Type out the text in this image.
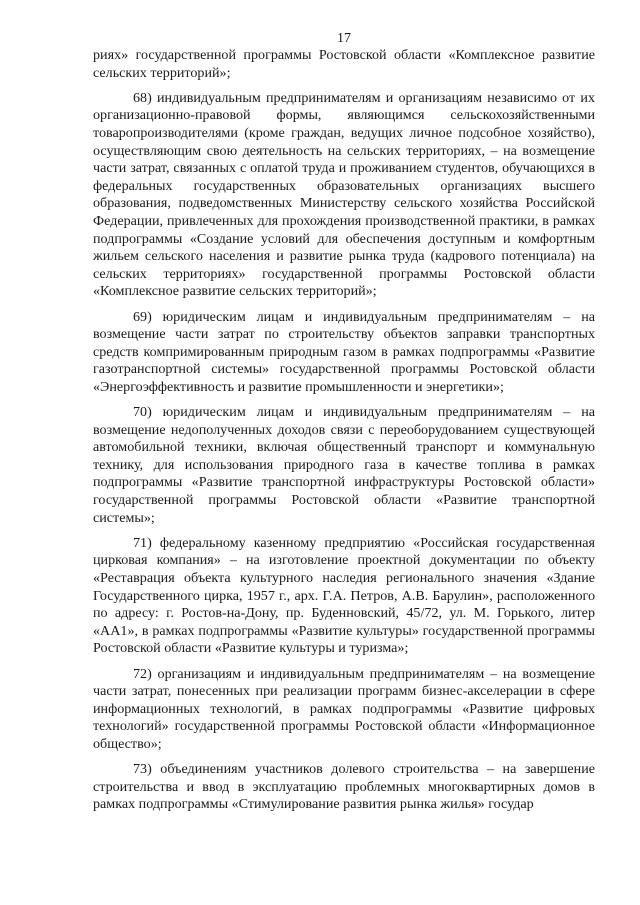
17

риях» государственной программы Ростовской области «Комплексное развитие сельских территорий»;

68) индивидуальным предпринимателям и организациям независимо от их организационно-правовой формы, являющимся сельскохозяйственными товаропроизводителями (кроме граждан, ведущих личное подсобное хозяйство), осуществляющим свою деятельность на сельских территориях, – на возмещение части затрат, связанных с оплатой труда и проживанием студентов, обучающихся в федеральных государственных образовательных организациях высшего образования, подведомственных Министерству сельского хозяйства Российской Федерации, привлеченных для прохождения производственной практики, в рамках подпрограммы «Создание условий для обеспечения доступным и комфортным жильем сельского населения и развитие рынка труда (кадрового потенциала) на сельских территориях» государственной программы Ростовской области «Комплексное развитие сельских территорий»;

69) юридическим лицам и индивидуальным предпринимателям – на возмещение части затрат по строительству объектов заправки транспортных средств компримированным природным газом в рамках подпрограммы «Развитие газотранспортной системы» государственной программы Ростовской области «Энергоэффективность и развитие промышленности и энергетики»;

70) юридическим лицам и индивидуальным предпринимателям – на возмещение недополученных доходов связи с переоборудованием существующей автомобильной техники, включая общественный транспорт и коммунальную технику, для использования природного газа в качестве топлива в рамках подпрограммы «Развитие транспортной инфраструктуры Ростовской области» государственной программы Ростовской области «Развитие транспортной системы»;

71) федеральному казенному предприятию «Российская государственная цирковая компания» – на изготовление проектной документации по объекту «Реставрация объекта культурного наследия регионального значения «Здание Государственного цирка, 1957 г., арх. Г.А. Петров, А.В. Барулин», расположенного по адресу: г. Ростов-на-Дону, пр. Буденновский, 45/72, ул. М. Горького, литер «АА1», в рамках подпрограммы «Развитие культуры» государственной программы Ростовской области «Развитие культуры и туризма»;

72) организациям и индивидуальным предпринимателям – на возмещение части затрат, понесенных при реализации программ бизнес-акселерации в сфере информационных технологий, в рамках подпрограммы «Развитие цифровых технологий» государственной программы Ростовской области «Информационное общество»;

73) объединениям участников долевого строительства – на завершение строительства и ввод в эксплуатацию проблемных многоквартирных домов в рамках подпрограммы «Стимулирование развития рынка жилья» государ
